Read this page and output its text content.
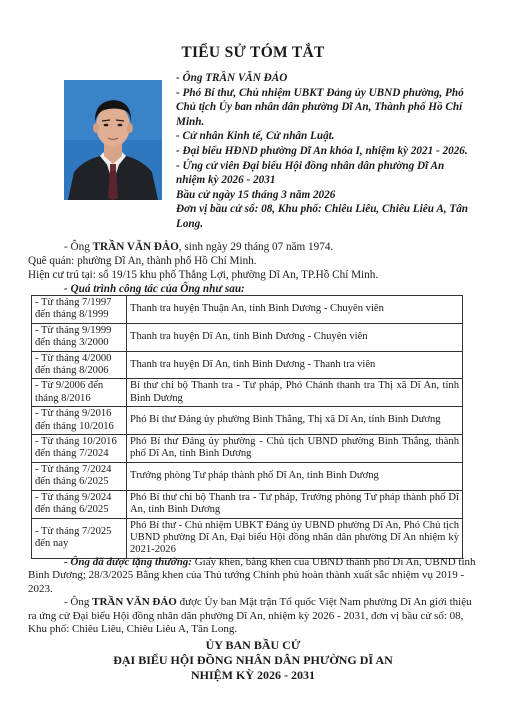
TIỂU SỬ TÓM TẮT
- Ông TRẦN VĂN ĐẢO
- Phó Bí thư, Chủ nhiệm UBKT Đảng ủy UBND phường, Phó Chủ tịch Ủy ban nhân dân phường Dĩ An, Thành phố Hồ Chí Minh.
- Cử nhân Kinh tế, Cử nhân Luật.
- Đại biểu HĐND phường Dĩ An khóa I, nhiệm kỳ 2021 - 2026.
- Ứng cử viên Đại biểu Hội đồng nhân dân phường Dĩ An nhiệm kỳ 2026 - 2031
Bầu cử ngày 15 tháng 3 năm 2026
Đơn vị bầu cử số: 08, Khu phố: Chiêu Liêu, Chiêu Liêu A, Tân Long.
- Ông TRẦN VĂN ĐẢO, sinh ngày 29 tháng 07 năm 1974.
Quê quán: phường Dĩ An, thành phố Hồ Chí Minh.
Hiện cư trú tại: số 19/15 khu phố Thắng Lợi, phường Dĩ An, TP.Hồ Chí Minh.
- Quá trình công tác của Ông như sau:
- Từ tháng 7/1997 đến tháng 8/1999	Thanh tra huyện Thuận An, tỉnh Bình Dương - Chuyên viên
- Từ tháng 9/1999 đến tháng 3/2000	Thanh tra huyện Dĩ An, tỉnh Bình Dương - Chuyên viên
- Từ tháng 4/2000 đến tháng 8/2006	Thanh tra huyện Dĩ An, tỉnh Bình Dương - Thanh tra viên
- Từ 9/2006 đến tháng 8/2016	Bí thư chi bộ Thanh tra - Tư pháp, Phó Chánh thanh tra Thị xã Dĩ An, tỉnh Bình Dương
- Từ tháng 9/2016 đến tháng 10/2016	Phó Bí thư Đảng ủy phường Bình Thắng, Thị xã Dĩ An, tỉnh Bình Dương
- Từ tháng 10/2016 đến tháng 7/2024	Phó Bí thư Đảng ủy phường - Chủ tịch UBND phường Bình Thắng, thành phố Dĩ An, tỉnh Bình Dương
- Từ tháng 7/2024 đến tháng 6/2025	Trưởng phòng Tư pháp thành phố Dĩ An, tỉnh Bình Dương
- Từ tháng 9/2024 đến tháng 6/2025	Phó Bí thư chi bộ Thanh tra - Tư pháp, Trưởng phòng Tư pháp thành phố Dĩ An, tỉnh Bình Dương
- Từ tháng 7/2025 đến nay	Phó Bí thư - Chủ nhiệm UBKT Đảng ủy UBND phường Dĩ An, Phó Chủ tịch UBND phường Dĩ An, Đại biểu Hội đồng nhân dân phường Dĩ An nhiệm kỳ 2021-2026

- Ông đã được tặng thưởng: Giấy khen, bằng khen của UBND thành phố Dĩ An, UBND tỉnh Bình Dương; 28/3/2025 Bằng khen của Thủ tướng Chính phủ hoàn thành xuất sắc nhiệm vụ 2019 - 2023.

- Ông TRẦN VĂN ĐẢO được Ủy ban Mặt trận Tổ quốc Việt Nam phường Dĩ An giới thiệu ra ứng cử Đại biểu Hội đồng nhân dân phường Dĩ An, nhiệm kỳ 2026 - 2031, đơn vị bầu cử số: 08, Khu phố: Chiêu Liêu, Chiêu Liêu A, Tân Long.

ỦY BAN BẦU CỬ
ĐẠI BIỂU HỘI ĐỒNG NHÂN DÂN PHƯỜNG DĨ AN
NHIỆM KỲ 2026 - 2031
